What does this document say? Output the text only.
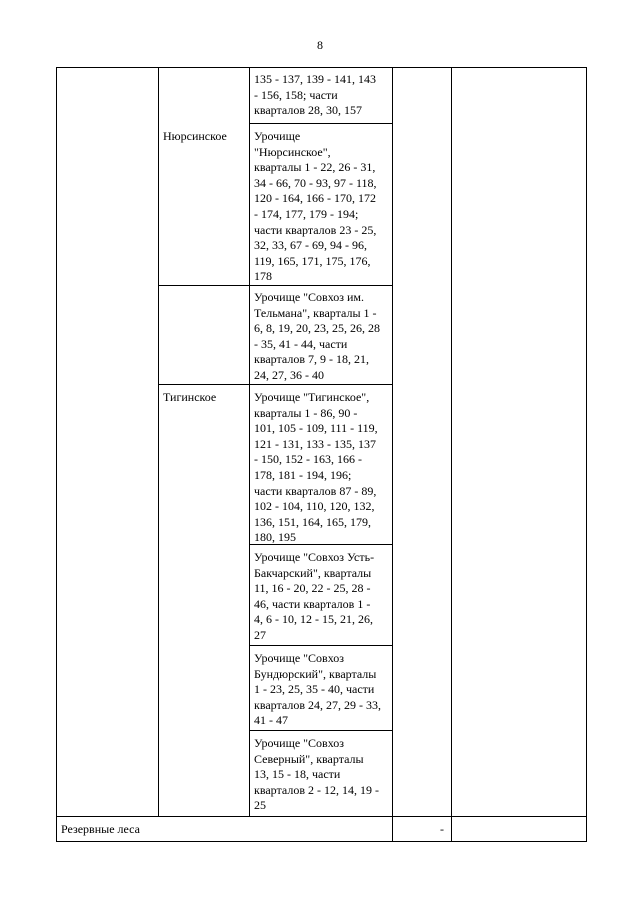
8
Нюрсинское
Тигинское
135 - 137, 139 - 141, 143
- 156, 158; части
кварталов 28, 30, 157
Урочище
"Нюрсинское",
кварталы 1 - 22, 26 - 31,
34 - 66, 70 - 93, 97 - 118,
120 - 164, 166 - 170, 172
- 174, 177, 179 - 194;
части кварталов 23 - 25,
32, 33, 67 - 69, 94 - 96,
119, 165, 171, 175, 176,
178
Урочище "Совхоз им.
Тельмана", кварталы 1 -
6, 8, 19, 20, 23, 25, 26, 28
- 35, 41 - 44, части
кварталов 7, 9 - 18, 21,
24, 27, 36 - 40
Урочище "Тигинское",
кварталы 1 - 86, 90 -
101, 105 - 109, 111 - 119,
121 - 131, 133 - 135, 137
- 150, 152 - 163, 166 -
178, 181 - 194, 196;
части кварталов 87 - 89,
102 - 104, 110, 120, 132,
136, 151, 164, 165, 179,
180, 195
Урочище "Совхоз Усть-
Бакчарский", кварталы
11, 16 - 20, 22 - 25, 28 -
46, части кварталов 1 -
4, 6 - 10, 12 - 15, 21, 26,
27
Урочище "Совхоз
Бундюрский", кварталы
1 - 23, 25, 35 - 40, части
кварталов 24, 27, 29 - 33,
41 - 47
Урочище "Совхоз
Северный", кварталы
13, 15 - 18, части
кварталов 2 - 12, 14, 19 -
25
Резервные леса	-
